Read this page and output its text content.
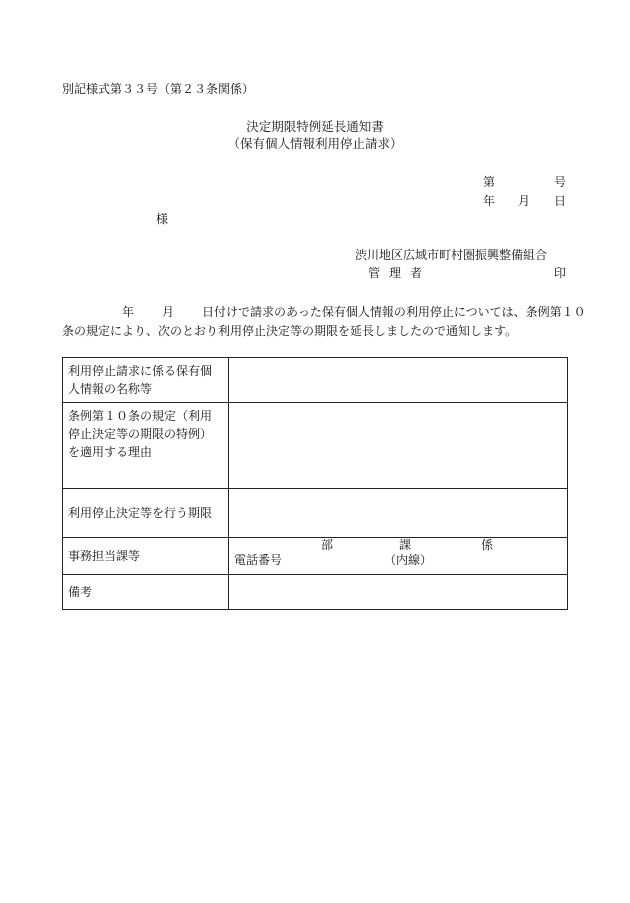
別記様式第３３号（第２３条関係）
決定期限特例延長通知書
（保有個人情報利用停止請求）
第	号
年 月 日
様
渋川地区広域市町村圏振興整備組合
管理者	印
年 月 日付けで請求のあった保有個人情報の利用停止については、条例第１０
条の規定により、次のとおり利用停止決定等の期限を延長しましたので通知します。
利用停止請求に係る保有個人情報の名称等	
条例第１０条の規定（利用停止決定等の期限の特例）を適用する理由	
利用停止決定等を行う期限	
事務担当課等	部 課 係
電話番号 （内線）

備考	
